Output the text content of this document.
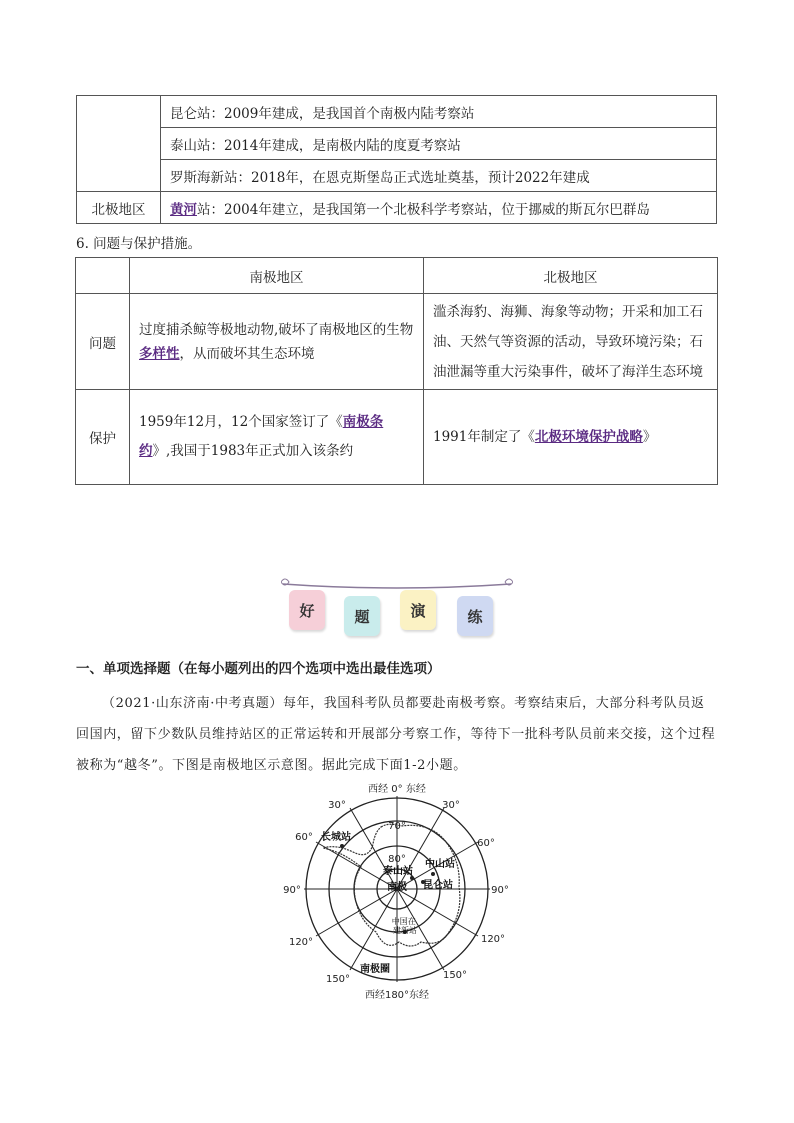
	昆仑站：2009年建成，是我国首个南极内陆考察站
	泰山站：2014年建成，是南极内陆的度夏考察站
	罗斯海新站：2018年，在恩克斯堡岛正式选址奠基，预计2022年建成
北极地区	黄河站：2004年建立，是我国第一个北极科学考察站，位于挪威的斯瓦尔巴群岛
6. 问题与保护措施。
	南极地区	北极地区
问题	过度捕杀鲸等极地动物,破坏了南极地区的生物多样性，从而破坏其生态环境	滥杀海豹、海狮、海象等动物；开采和加工石油、天然气等资源的活动，导致环境污染；石油泄漏等重大污染事件，破坏了海洋生态环境
保护	1959年12月，12个国家签订了《南极条约》,我国于1983年正式加入该条约	1991年制定了《北极环境保护战略》
好	题	演	练
一、单项选择题（在每小题列出的四个选项中选出最佳选项）
（2021·山东济南·中考真题）每年，我国科考队员都要赴南极考察。考察结束后，大部分科考队员返回国内，留下少数队员维持站区的正常运转和开展部分考察工作，等待下一批科考队员前来交接，这个过程被称为“越冬”。下图是南极地区示意图。据此完成下面1-2小题。
西经 0° 东经
西经180°东经
30°	30°
60°
60°
90°	90°
120°	120°
150°	150°
70°
80°
南极
南极圈
长城站
泰山站
中山站
昆仑站
中国在 建新站
